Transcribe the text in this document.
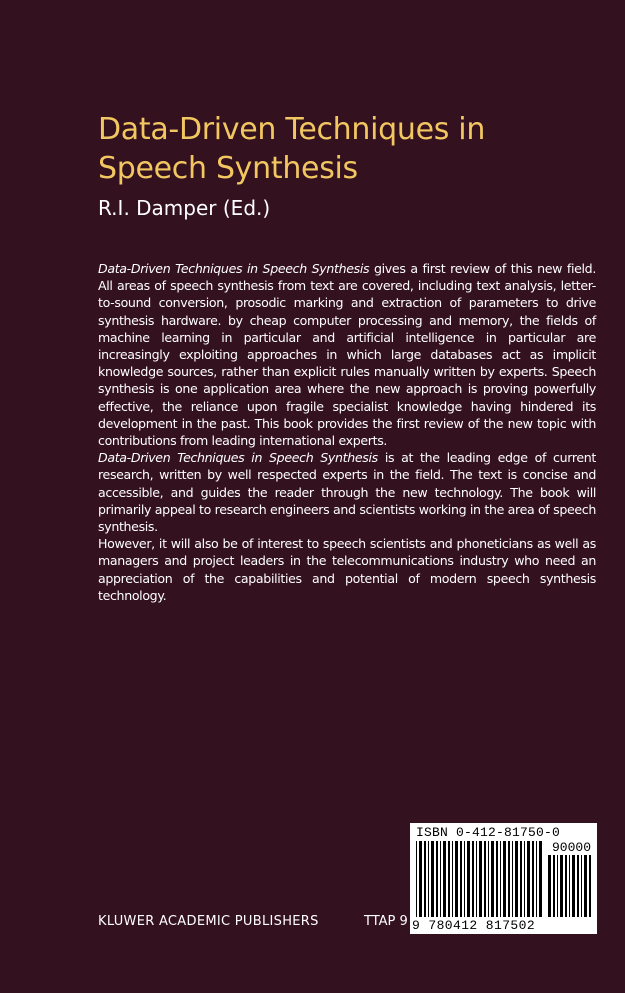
Data-Driven Techniques in
Speech Synthesis
R.I. Damper (Ed.)

Data-Driven Techniques in Speech Synthesis gives a first review of this new field. All areas of speech synthesis from text are covered, including text analysis, letter-to-sound conversion, prosodic marking and extraction of parameters to drive synthesis hardware. by cheap computer processing and memory, the fields of machine learning in particular and artificial intelligence in particular are increasingly exploiting approaches in which large databases act as implicit knowledge sources, rather than explicit rules manually written by experts. Speech synthesis is one application area where the new approach is proving powerfully effective, the reliance upon fragile specialist knowledge having hindered its development in the past. This book provides the first review of the new topic with contributions from leading international experts.

Data-Driven Techniques in Speech Synthesis is at the leading edge of current research, written by well respected experts in the field. The text is concise and accessible, and guides the reader through the new technology. The book will primarily appeal to research engineers and scientists working in the area of speech synthesis.

However, it will also be of interest to speech scientists and phoneticians as well as managers and project leaders in the telecommunications industry who need an appreciation of the capabilities and potential of modern speech synthesis technology.

KLUWER ACADEMIC PUBLISHERS	TTAP 9
ISBN 0-412-81750-0
90000
9 780412 817502
